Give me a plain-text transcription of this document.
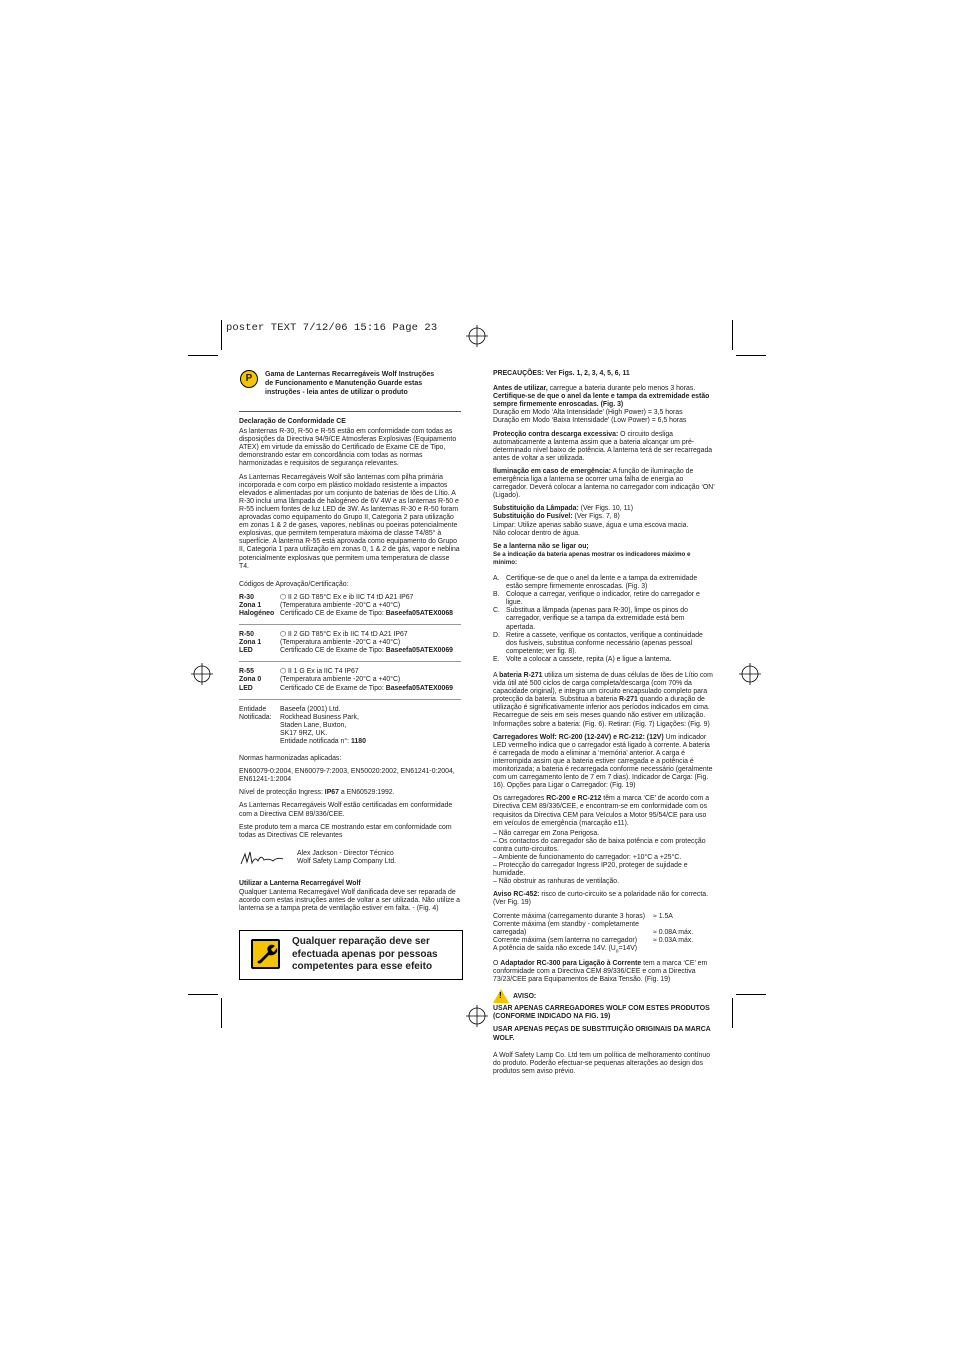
poster TEXT 7/12/06 15:16 Page 23
P	Gama de Lanternas Recarregáveis Wolf Instruções
de Funcionamento e Manutenção Guarde estas
instruções - leia antes de utilizar o produto

Declaração de Conformidade CE

As lanternas R-30, R-50 e R-55 estão em conformidade com todas as disposições da Directiva 94/9/CE Atmosferas Explosivas (Equipamento ATEX) em virtude da emissão do Certificado de Exame CE de Tipo, demonstrando estar em concordância com todas as normas harmonizadas e requisitos de segurança relevantes.

As Lanternas Recarregáveis Wolf são lanternas com pilha primária incorporada e com corpo em plástico moldado resistente a impactos elevados e alimentadas por um conjunto de baterias de Iões de Lítio. A R-30 inclui uma lâmpada de halogéneo de 6V 4W e as lanternas R-50 e R-55 incluem fontes de luz LED de 3W. As lanternas R-30 e R-50 foram aprovadas como equipamento do Grupo II, Categoria 2 para utilização em zonas 1 & 2 de gases, vapores, neblinas ou poeiras potencialmente explosivas, que permitem temperatura máxima de classe T4/85° à superfície. A lanterna R-55 está aprovada como equipamento do Grupo II, Categoria 1 para utilização em zonas 0, 1 & 2 de gás, vapor e neblina potencialmente explosivas que permitem uma temperatura de classe T4.

Códigos de Aprovação/Certificação:

R-30	⬡ II 2 GD T85°C Ex e ib IIC T4 tD A21 IP67
Zona 1	(Temperatura ambiente -20°C a +40°C)
Halogéneo	Certificado CE de Exame de Tipo: Baseefa05ATEX0068
R-50	⬡ II 2 GD T85°C Ex ib IIC T4 tD A21 IP67
Zona 1	(Temperatura ambiente -20°C a +40°C)
LED	Certificado CE de Exame de Tipo: Baseefa05ATEX0069
R-55	⬡ II 1 G Ex ia IIC T4 IP67
Zona 0	(Temperatura ambiente -20°C a +40°C)
LED	Certificado CE de Exame de Tipo: Baseefa05ATEX0069
Entidade	Baseefa (2001) Ltd.
Notificada:	Rockhead Business Park,
	Staden Lane, Buxton,
	SK17 9RZ, UK.
	Entidade notificada n°: 1180

Normas harmonizadas aplicadas:

EN60079-0:2004, EN60079-7:2003, EN50020:2002, EN61241-0:2004, EN61241-1:2004

Nível de protecção Ingress: IP67 a EN60529:1992.

As Lanternas Recarregáveis Wolf estão certificadas em conformidade com a Directiva CEM 89/336/CEE.

Este produto tem a marca CE mostrando estar em conformidade com todas as Directivas CE relevantes

Alex Jackson - Director Técnico
Wolf Safety Lamp Company Ltd.

Utilizar a Lanterna Recarregável Wolf

Qualquer Lanterna Recarregável Wolf danificada deve ser reparada de acordo com estas instruções antes de voltar a ser utilizada. Não utilize a lanterna se a tampa preta de ventilação estiver em falta. - (Fig. 4)

Qualquer reparação deve ser efectuada apenas por pessoas competentes para esse efeito

PRECAUÇÕES: Ver Figs. 1, 2, 3, 4, 5, 6, 11

Antes de utilizar, carregue a bateria durante pelo menos 3 horas.

Certifique-se de que o anel da lente e tampa da extremidade estão sempre firmemente enroscadas. (Fig. 3)

Duração em Modo ‘Alta Intensidade’ (High Power) = 3,5 horas

Duração em Modo ‘Baixa Intensidade’ (Low Power) = 6,5 horas

Protecção contra descarga excessiva: O circuito desliga automaticamente a lanterna assim que a bateria alcançar um pré-determinado nível baixo de potência. A lanterna terá de ser recarregada antes de voltar a ser utilizada.

Iluminação em caso de emergência: A função de iluminação de emergência liga a lanterna se ocorrer uma falha de energia ao carregador. Deverá colocar a lanterna no carregador com indicação ‘ON’ (Ligado).

Substituição da Lâmpada: (Ver Figs. 10, 11)

Substituição do Fusível: (Ver Figs. 7, 8)

Limpar: Utilize apenas sabão suave, água e uma escova macia.

Não colocar dentro de água.

Se a lanterna não se ligar ou;

Se a indicação da bateria apenas mostrar os indicadores máximo e mínimo:

A. Certifique-se de que o anel da lente e a tampa da extremidade estão sempre firmemente enroscadas. (Fig. 3)
B. Coloque a carregar, verifique o indicador, retire do carregador e ligue.
C. Substitua a lâmpada (apenas para R-30), limpe os pinos do carregador, verifique se a tampa da extremidade está bem apertada.
D. Retire a cassete, verifique os contactos, verifique a continuidade dos fusíveis, substitua conforme necessário (apenas pessoal competente; ver fig. 8).
E. Volte a colocar a cassete, repita (A) e ligue a lanterna.

A bateria R-271 utiliza um sistema de duas células de Iões de Lítio com vida útil até 500 ciclos de carga completa/descarga (com 70% da capacidade original), e integra um circuito encapsulado completo para protecção da bateria. Substitua a bateria R-271 quando a duração de utilização é significativamente inferior aos períodos indicados em cima. Recarregue de seis em seis meses quando não estiver em utilização. Informações sobre a bateria: (Fig. 6). Retirar: (Fig. 7) Ligações: (Fig. 9)

Carregadores Wolf: RC-200 (12-24V) e RC-212: (12V) Um indicador LED vermelho indica que o carregador está ligado à corrente. A bateria é carregada de modo a eliminar a ‘memória’ anterior. A carga é interrompida assim que a bateria estiver carregada e a potência é monitorizada; a bateria é recarregada conforme necessário (geralmente com um carregamento lento de 7 em 7 dias). Indicador de Carga: (Fig. 16). Opções para Ligar o Carregador: (Fig. 19)

Os carregadores RC-200 e RC-212 têm a marca ‘CE’ de acordo com a Directiva CEM 89/336/CEE, e encontram-se em conformidade com os requisitos da Directiva CEM para Veículos a Motor 95/54/CE para uso em veículos de emergência (marcação e11).

– Não carregar em Zona Perigosa.
– Os contactos do carregador são de baixa potência e com protecção contra curto-circuitos.
– Ambiente de funcionamento do carregador: +10°C a +25°C.
– Protecção do carregador Ingress IP20, proteger de sujidade e humidade.
– Não obstruir as ranhuras de ventilação.

Aviso RC-452: risco de curto-circuito se a polaridade não for correcta. (Ver Fig. 19)

Corrente máxima (carregamento durante 3 horas)	≈ 1.5A
Corrente máxima (em standby - completamente carregada)	≈ 0.08A máx.
Corrente máxima (sem lanterna no carregador)	≈ 0.03A máx.

A potência de saída não excede 14V. $(U_o=14V)$

O Adaptador RC-300 para Ligação à Corrente tem a marca ‘CE’ em conformidade com a Directiva CEM 89/336/CEE e com a Directiva 73/23/CEE para Equipamentos de Baixa Tensão. (Fig. 19)

! AVISO:

USAR APENAS CARREGADORES WOLF COM ESTES PRODUTOS (CONFORME INDICADO NA FIG. 19)

USAR APENAS PEÇAS DE SUBSTITUIÇÃO ORIGINAIS DA MARCA WOLF.

A Wolf Safety Lamp Co. Ltd tem um política de melhoramento contínuo do produto. Poderão efectuar-se pequenas alterações ao design dos produtos sem aviso prévio.
